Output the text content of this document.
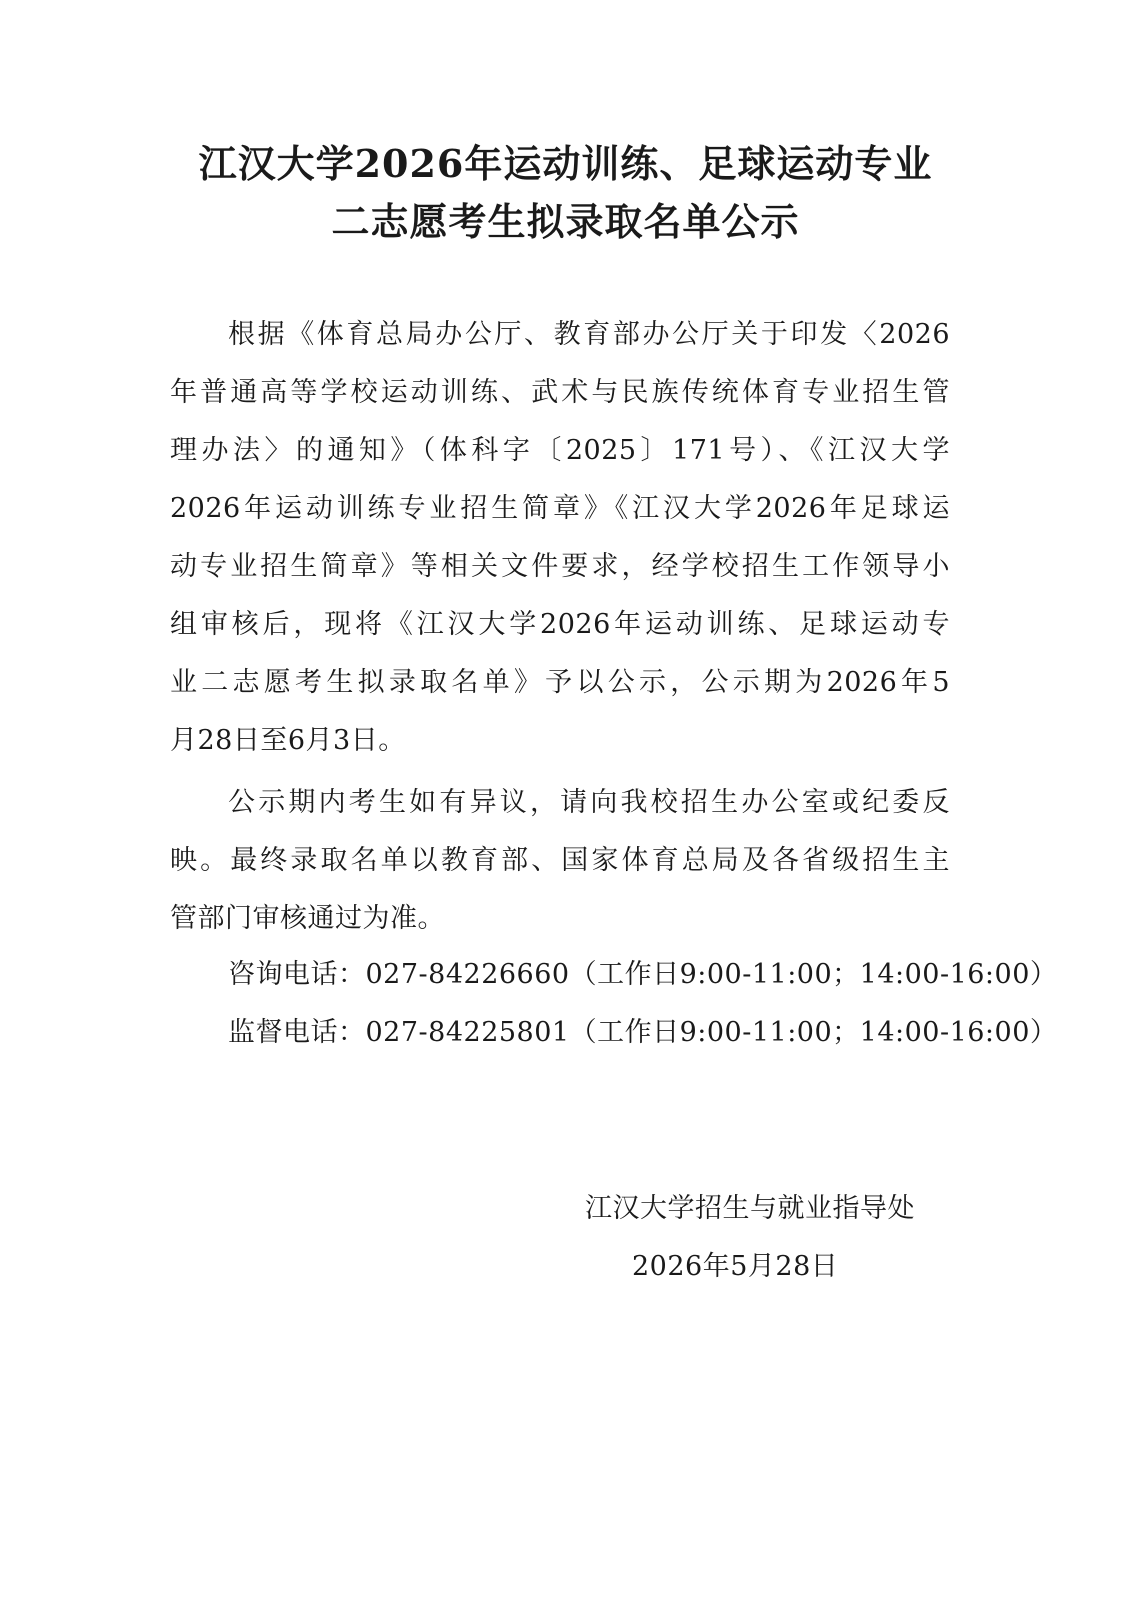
江汉大学2026年运动训练、足球运动专业
二志愿考生拟录取名单公示
根据《体育总局办公厅、教育部办公厅关于印发〈2026
年普通高等学校运动训练、武术与民族传统体育专业招生管
理办法〉的通知》（体科字〔2025〕171号）、《江汉大学
2026年运动训练专业招生简章》《江汉大学2026年足球运
动专业招生简章》等相关文件要求，经学校招生工作领导小
组审核后，现将《江汉大学2026年运动训练、足球运动专
业二志愿考生拟录取名单》予以公示，公示期为2026年5
月28日至6月3日。
公示期内考生如有异议，请向我校招生办公室或纪委反
映。最终录取名单以教育部、国家体育总局及各省级招生主
管部门审核通过为准。
咨询电话：027-84226660（工作日9:00-11:00；14:00-16:00）
监督电话：027-84225801（工作日9:00-11:00；14:00-16:00）
江汉大学招生与就业指导处
2026年5月28日
